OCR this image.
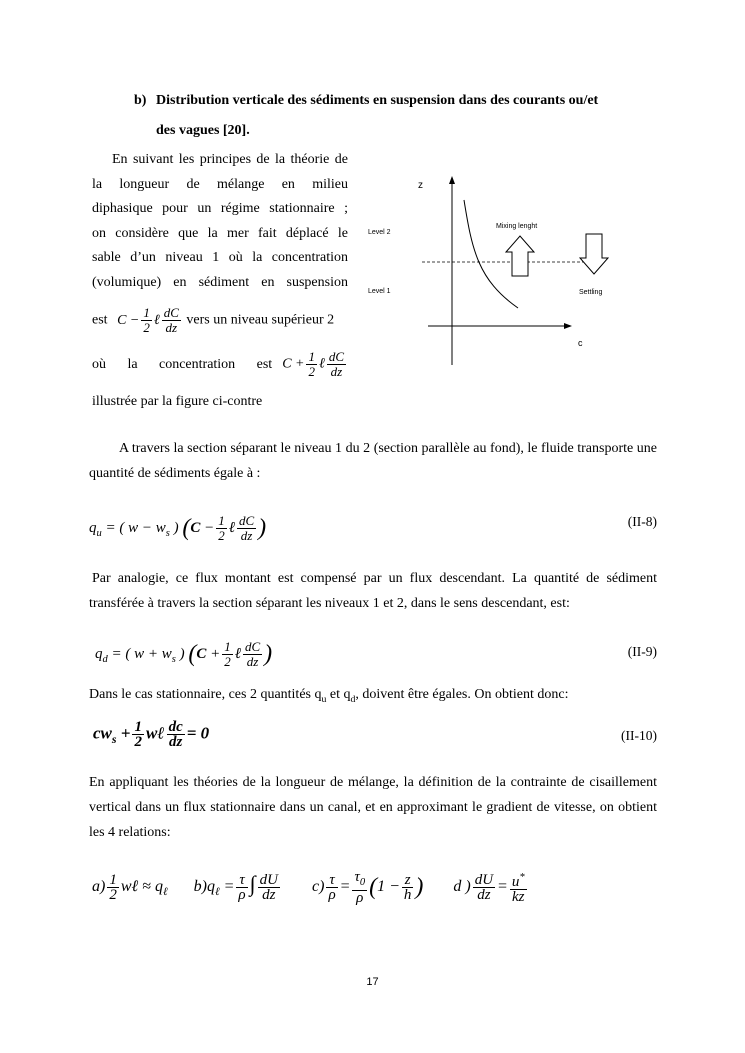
b) Distribution verticale des sédiments en suspension dans des courants ou/et
des vagues [20].
En suivant les principes de la théorie de
la longueur de mélange en milieu
diphasique pour un régime stationnaire ;
on considère que la mer fait déplacé le
sable d’un niveau 1 où la concentration
(volumique) en sédiment en suspension
est $C - \frac{1}{2}$ ℓ $\frac{dC}{dz}$ vers un niveau supérieur 2
où la concentration est $C + \frac{1}{2}$ ℓ $\frac{dC}{dz}$
illustrée par la figure ci-contre
z
c
Level 2
Level 1
Mixing lenght
Settling
A travers la section séparant le niveau 1 du 2 (section parallèle au fond), le fluide transporte une quantité de sédiments égale à :
$q_u$ = ( $w - w_s$ ) ($C - \frac{1}{2}$ ℓ $\frac{dC}{dz}$ )	(II-8)
Par analogie, ce flux montant est compensé par un flux descendant. La quantité de sédiment transférée à travers la section séparant les niveaux 1 et 2, dans le sens descendant, est:
$q_d$ = ( $w + w_s$ ) ($C + \frac{1}{2}$ ℓ $\frac{dC}{dz}$ )	(II-9)
Dans le cas stationnaire, ces 2 quantités $q_u$ et $q_d$, doivent être égales. On obtient donc:
$cw_s + \frac{1}{2}$ wℓ $\frac{dc}{dz} = 0$	(II-10)
En appliquant les théories de la longueur de mélange, la définition de la contrainte de cisaillement vertical dans un flux stationnaire dans un canal, et en approximant le gradient de vitesse, on obtient les 4 relations:
$a) \frac{1}{2}$ wℓ ≈ $q_\ell$ $b)q_\ell = \frac{\tau}{\rho}$ ∫ $\frac{dU}{dz} c) \frac{\tau}{\rho} = \frac{\tau_0}{\rho} (1 - \frac{z}{h}$ ) d ) $\frac{dU}{dz} = \frac{u^*}{kz}$
17
